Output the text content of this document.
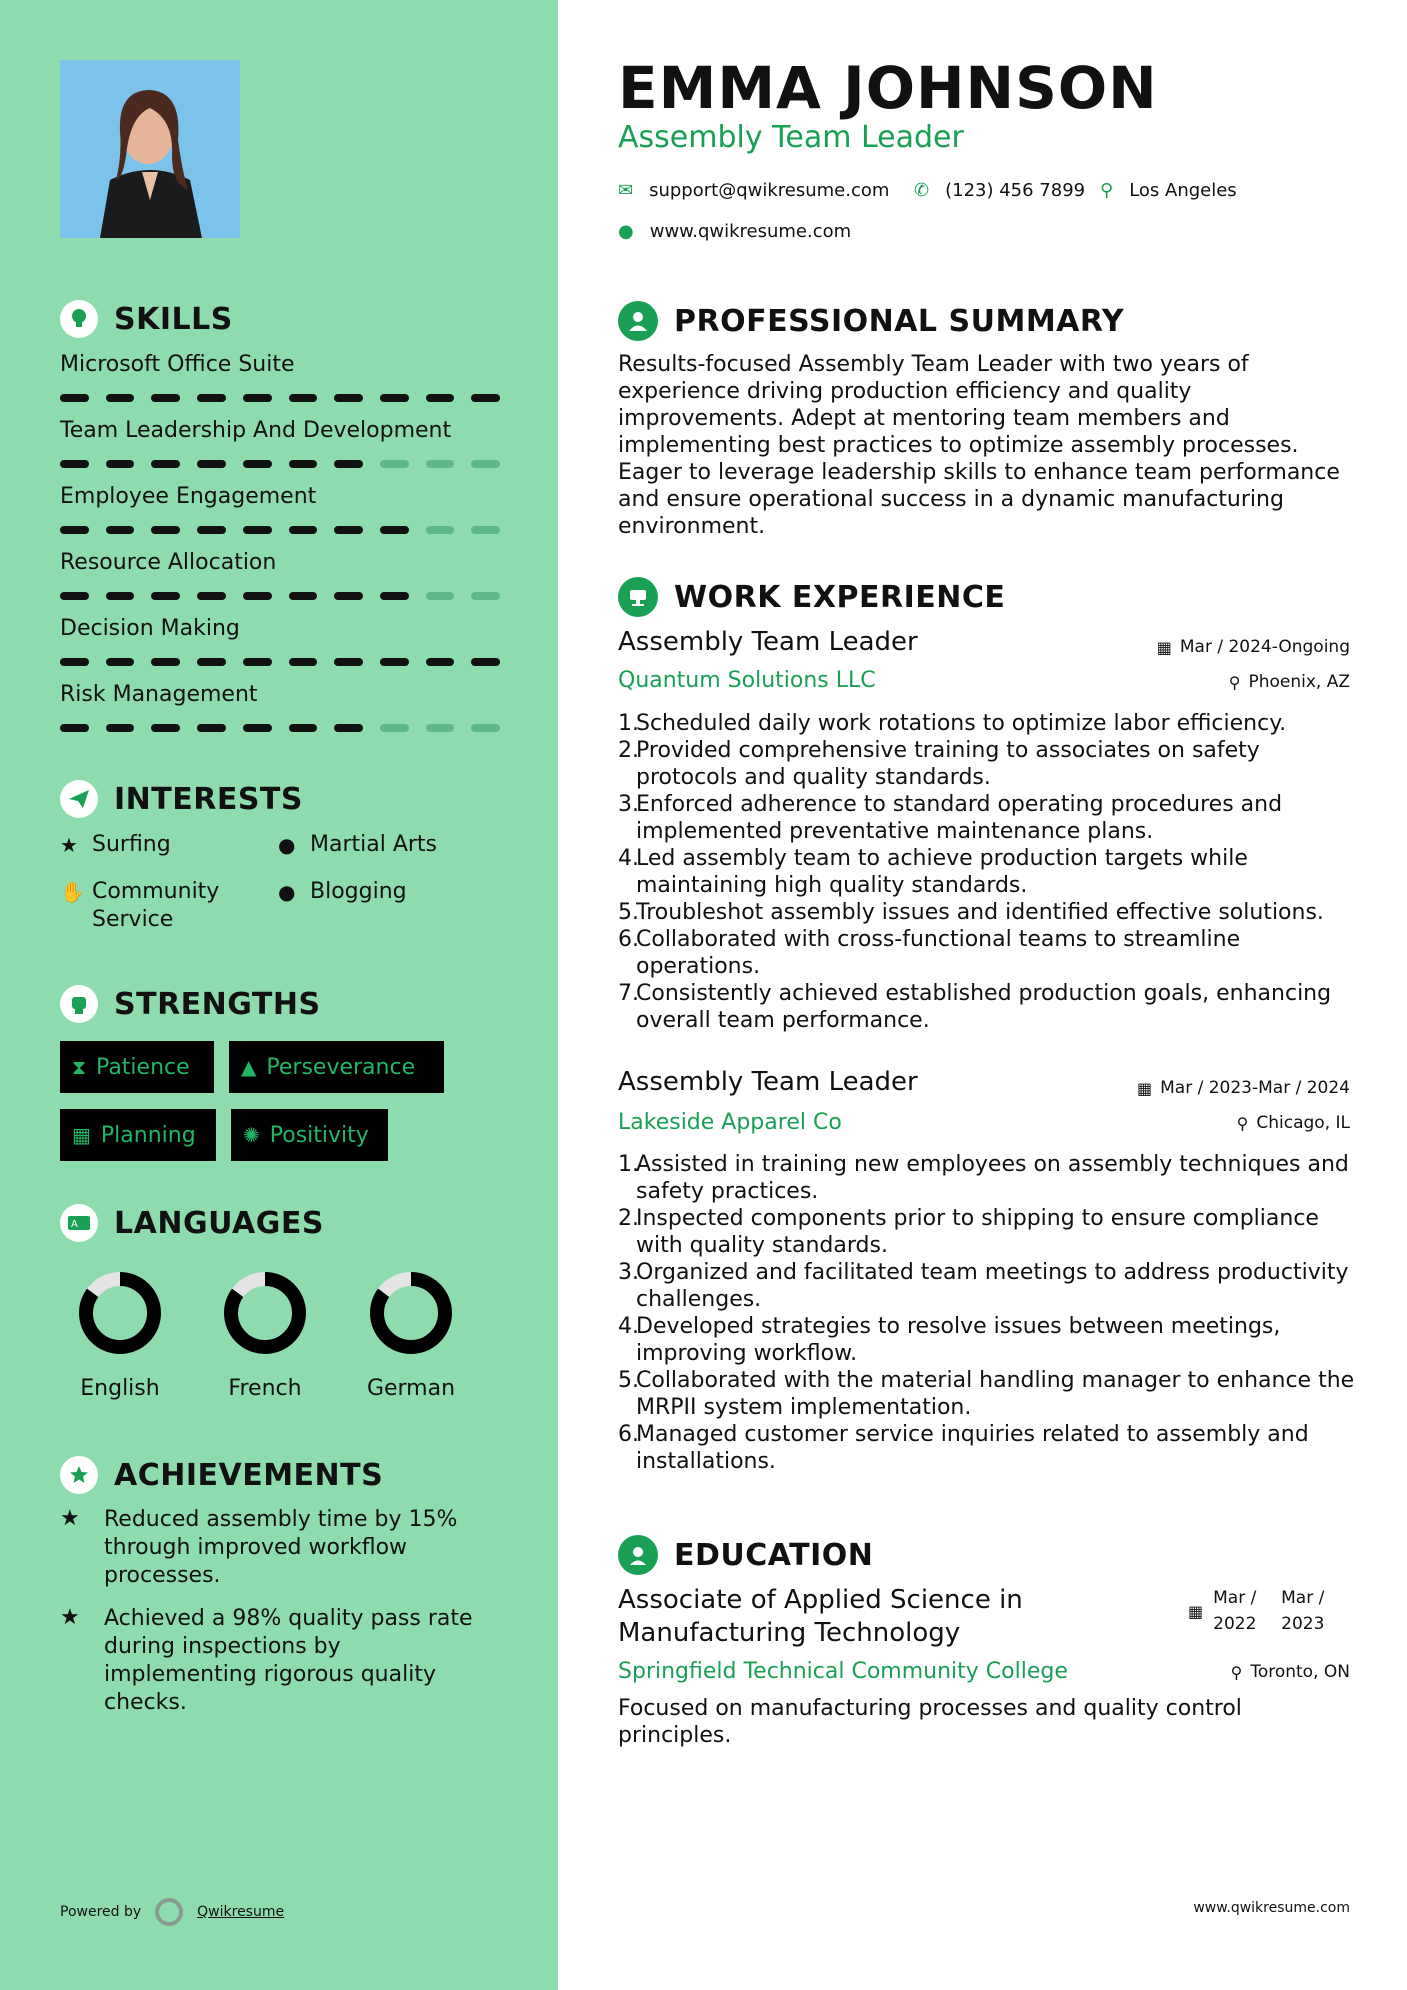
SKILLS
Microsoft Office Suite
Team Leadership And Development
Employee Engagement
Resource Allocation
Decision Making
Risk Management
INTERESTS
★ Surfing	● Martial Arts
✋ Community Service
● Blogging
STRENGTHS
⧗ Patience	▲ Perseverance
▦ Planning ✺ Positivity
A LANGUAGES
English	French	German
ACHIEVEMENTS
★	Reduced assembly time by 15% through improved workflow processes.
★	Achieved a 98% quality pass rate during inspections by implementing rigorous quality checks.
Powered by	Qwikresume
EMMA JOHNSON
Assembly Team Leader
✉ support@qwikresume.com ✆ (123) 456 7899 ⚲ Los Angeles
● www.qwikresume.com
PROFESSIONAL SUMMARY
Results-focused Assembly Team Leader with two years of experience driving production efficiency and quality improvements. Adept at mentoring team members and implementing best practices to optimize assembly processes. Eager to leverage leadership skills to enhance team performance and ensure operational success in a dynamic manufacturing environment.
WORK EXPERIENCE
Assembly Team Leader	▦ Mar / 2024-Ongoing
Quantum Solutions LLC	⚲ Phoenix, AZ
Scheduled daily work rotations to optimize labor efficiency.
Provided comprehensive training to associates on safety protocols and quality standards.
Enforced adherence to standard operating procedures and implemented preventative maintenance plans.
Led assembly team to achieve production targets while maintaining high quality standards.
Troubleshot assembly issues and identified effective solutions.
Collaborated with cross-functional teams to streamline operations.
Consistently achieved established production goals, enhancing overall team performance.
Assembly Team Leader	▦ Mar / 2023-Mar / 2024
Lakeside Apparel Co	⚲ Chicago, IL
Assisted in training new employees on assembly techniques and safety practices.
Inspected components prior to shipping to ensure compliance with quality standards.
Organized and facilitated team meetings to address productivity challenges.
Developed strategies to resolve issues between meetings, improving workflow.
Collaborated with the material handling manager to enhance the MRPII system implementation.
Managed customer service inquiries related to assembly and installations.
EDUCATION
Associate of Applied Science in Manufacturing Technology
▦
Mar / 2022
Mar / 2023
Springfield Technical Community College	⚲ Toronto, ON
Focused on manufacturing processes and quality control principles.
www.qwikresume.com
